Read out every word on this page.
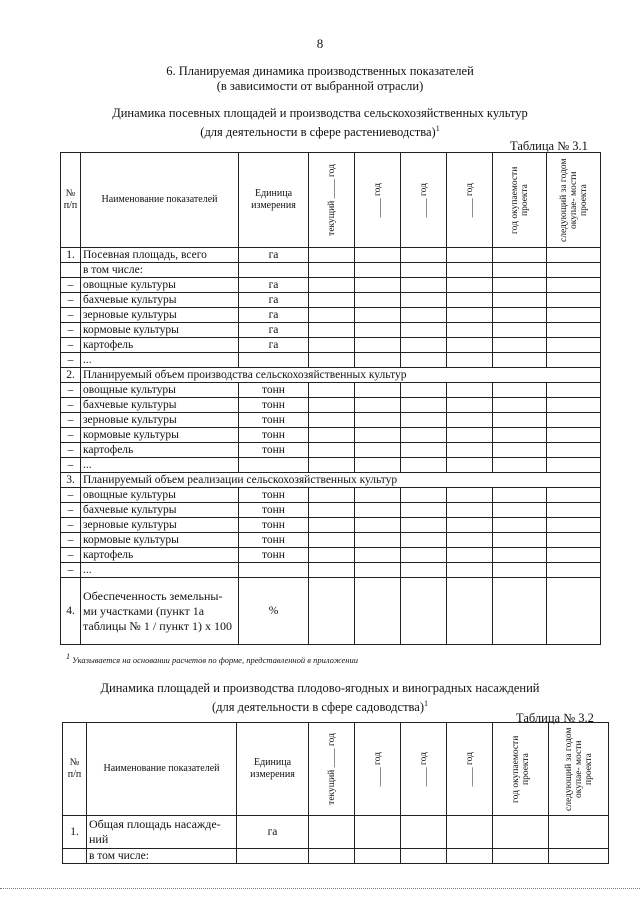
8
6. Планируемая динамика производственных показателей
(в зависимости от выбранной отрасли)
Динамика посевных площадей и производства сельскохозяйственных культур
(для деятельности в сфере растениеводства)$^1$
Таблица № 3.1
№ п/п	Наименование показателей	Единица измерения	текущий ____ год	____ год	____ год	____ год	год окупаемости проекта	следующий за годом окупае- мости проекта

1.	Посевная площадь, всего	га						
	в том числе:							
–	овощные культуры	га						
–	бахчевые культуры	га						
–	зерновые культуры	га						
–	кормовые культуры	га						
–	картофель	га						
–	...							
2.	Планируемый объем производства сельскохозяйственных культур							
–	овощные культуры	тонн						
–	бахчевые культуры	тонн						
–	зерновые культуры	тонн						
–	кормовые культуры	тонн						
–	картофель	тонн						
–	...							
3.	Планируемый объем реализации сельскохозяйственных культур							
–	овощные культуры	тонн						
–	бахчевые культуры	тонн						
–	зерновые культуры	тонн						
–	кормовые культуры	тонн						
–	картофель	тонн						
–	...							
4.	Обеспеченность земельны- ми участками (пункт 1а таблицы № 1 / пункт 1) х 100	%						
$^1$ Указывается на основании расчетов по форме, представленной в приложении
Динамика площадей и производства плодово-ягодных и виноградных насаждений
(для деятельности в сфере садоводства)$^1$
Таблица № 3.2
№ п/п	Наименование показателей	Единица измерения	текущий ____ год	____ год	____ год	____ год	год окупаемости проекта	следующий за годом окупае- мости проекта

1.	Общая площадь насажде- ний	га						
	в том числе:							
